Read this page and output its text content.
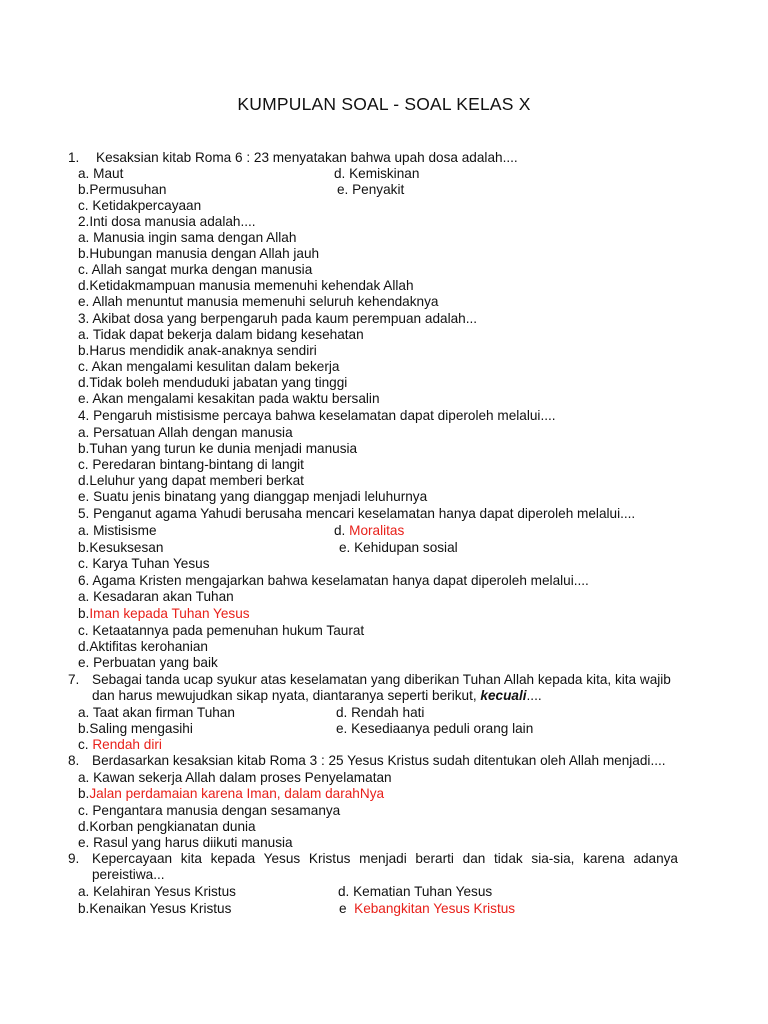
KUMPULAN SOAL - SOAL KELAS X
1. Kesaksian kitab Roma 6 : 23 menyatakan bahwa upah dosa adalah....
a. Maut	d. Kemiskinan
b.Permusuhan	e. Penyakit
c. Ketidakpercayaan
2.Inti dosa manusia adalah....
a. Manusia ingin sama dengan Allah
b.Hubungan manusia dengan Allah jauh
c. Allah sangat murka dengan manusia
d.Ketidakmampuan manusia memenuhi kehendak Allah
e. Allah menuntut manusia memenuhi seluruh kehendaknya
3. Akibat dosa yang berpengaruh pada kaum perempuan adalah...
a. Tidak dapat bekerja dalam bidang kesehatan
b.Harus mendidik anak-anaknya sendiri
c. Akan mengalami kesulitan dalam bekerja
d.Tidak boleh menduduki jabatan yang tinggi
e. Akan mengalami kesakitan pada waktu bersalin
4. Pengaruh mistisisme percaya bahwa keselamatan dapat diperoleh melalui....
a. Persatuan Allah dengan manusia
b.Tuhan yang turun ke dunia menjadi manusia
c. Peredaran bintang-bintang di langit
d.Leluhur yang dapat memberi berkat
e. Suatu jenis binatang yang dianggap menjadi leluhurnya
5. Penganut agama Yahudi berusaha mencari keselamatan hanya dapat diperoleh melalui....
a. Mistisisme	d. Moralitas
b.Kesuksesan	e. Kehidupan sosial
c. Karya Tuhan Yesus
6. Agama Kristen mengajarkan bahwa keselamatan hanya dapat diperoleh melalui....
a. Kesadaran akan Tuhan
b.Iman kepada Tuhan Yesus
c. Ketaatannya pada pemenuhan hukum Taurat
d.Aktifitas kerohanian
e. Perbuatan yang baik
7. Sebagai tanda ucap syukur atas keselamatan yang diberikan Tuhan Allah kepada kita, kita wajib
dan harus mewujudkan sikap nyata, diantaranya seperti berikut, kecuali....
a. Taat akan firman Tuhan	d. Rendah hati
b.Saling mengasihi	e. Kesediaanya peduli orang lain
c. Rendah diri
8. Berdasarkan kesaksian kitab Roma 3 : 25 Yesus Kristus sudah ditentukan oleh Allah menjadi....
a. Kawan sekerja Allah dalam proses Penyelamatan
b.Jalan perdamaian karena Iman, dalam darahNya
c. Pengantara manusia dengan sesamanya
d.Korban pengkianatan dunia
e. Rasul yang harus diikuti manusia
9. Kepercayaan kita kepada Yesus Kristus menjadi berarti dan tidak sia-sia, karena adanya
pereistiwa...
a. Kelahiran Yesus Kristus	d. Kematian Tuhan Yesus
b.Kenaikan Yesus Kristus	e Kebangkitan Yesus Kristus
